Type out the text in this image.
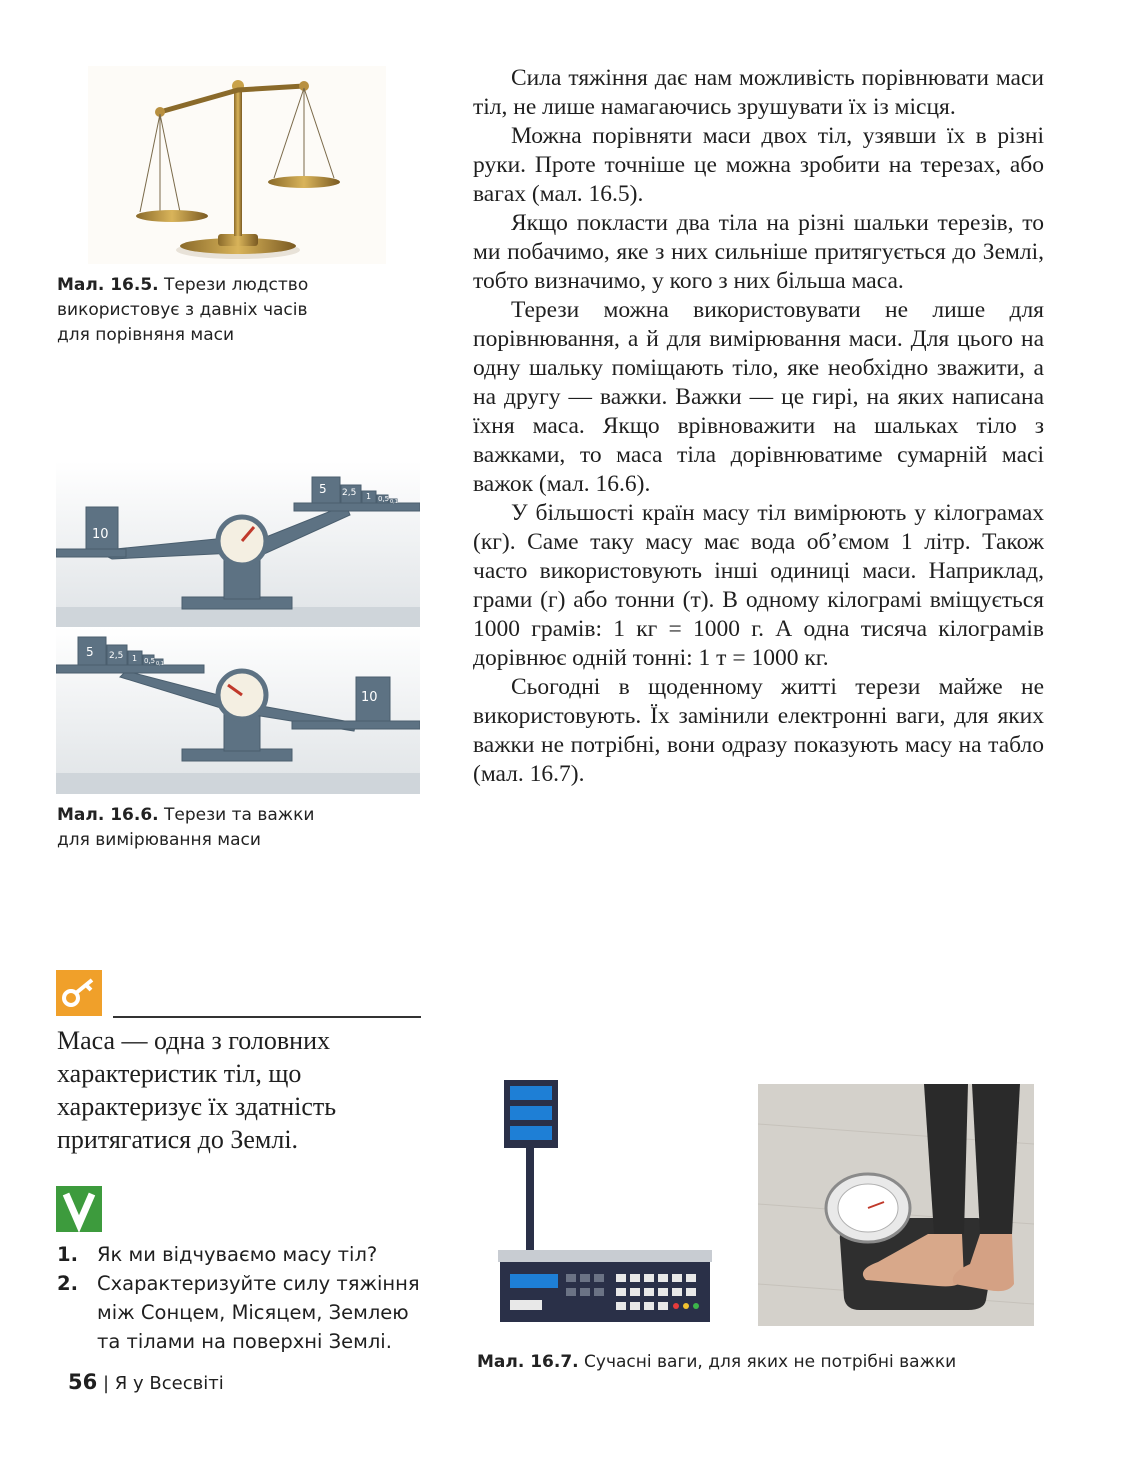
Мал. 16.5. Терези людство
використовує з давніх часів
для порівняня маси
10
5 2,5 1 0,5 0,1
10
5 2,5 1 0,5 0,1
Мал. 16.6. Терези та важки
для вимірювання маси

Сила тяжіння дає нам можливість порівнювати маси тіл, не лише намагаючись зрушувати їх із місця.

Можна порівняти маси двох тіл, узявши їх в різні руки. Проте точніше це можна зробити на терезах, або вагах (мал. 16.5).

Якщо покласти два тіла на різні шальки терезів, то ми побачимо, яке з них сильніше притягується до Землі, тобто визначимо, у кого з них більша маса.

Терези можна використовувати не лише для порівнювання, а й для вимірювання маси. Для цього на одну шальку поміщають тіло, яке необхідно зважити, а на другу — важки. Важки — це гирі, на яких написана їхня маса. Якщо врівноважити на шальках тіло з важками, то маса тіла дорівнюватиме сумарній масі важок (мал. 16.6).

У більшості країн масу тіл вимірюють у кілограмах (кг). Саме таку масу має вода об’ємом 1 літр. Також часто використовують інші одиниці маси. Наприклад, грами (г) або тонни (т). В одному кілограмі вміщується 1000 грамів: 1 кг = 1000 г. А одна тисяча кілограмів дорівнює одній тонні: 1 т = 1000 кг.

Сьогодні в щоденному житті терези майже не використовують. Їх замінили електронні ваги, для яких важки не потрібні, вони одразу показують масу на табло (мал. 16.7).

Маса — одна з головних характеристик тіл, що характеризує їх здатність притягатися до Землі.
1. Як ми відчуваємо масу тіл?
2. Схарактеризуйте силу тяжіння між Сонцем, Місяцем, Землею та тілами на поверхні Землі.
Мал. 16.7. Сучасні ваги, для яких не потрібні важки
56 | Я у Всесвіті
